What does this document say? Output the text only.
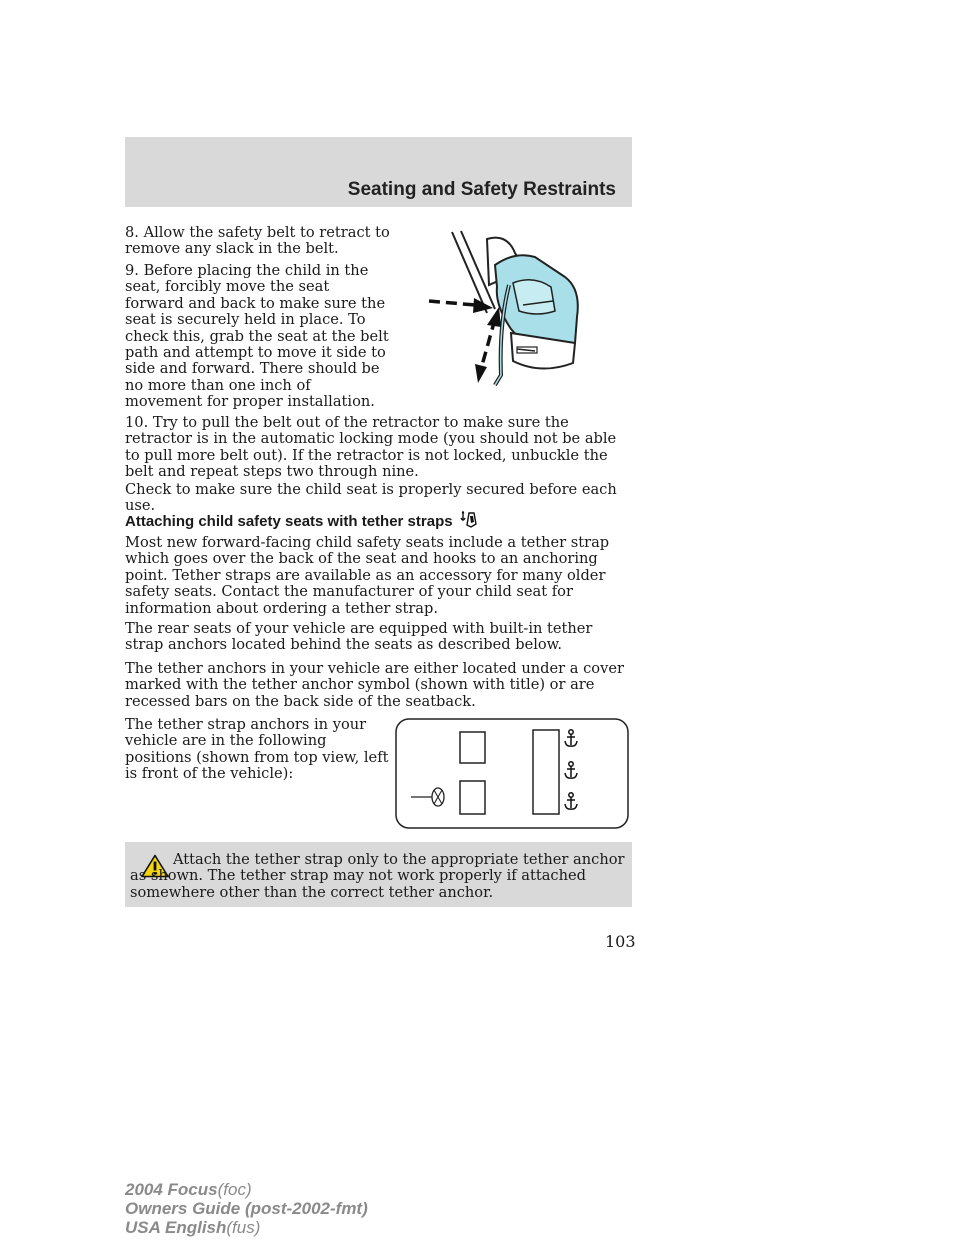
Seating and Safety Restraints

8. Allow the safety belt to retract to remove any slack in the belt.

9. Before placing the child in the seat, forcibly move the seat forward and back to make sure the seat is securely held in place. To check this, grab the seat at the belt path and attempt to move it side to side and forward. There should be no more than one inch of movement for proper installation.

10. Try to pull the belt out of the retractor to make sure the retractor is in the automatic locking mode (you should not be able to pull more belt out). If the retractor is not locked, unbuckle the belt and repeat steps two through nine.

Check to make sure the child seat is properly secured before each use.

Attaching child safety seats with tether straps

Most new forward-facing child safety seats include a tether strap which goes over the back of the seat and hooks to an anchoring point. Tether straps are available as an accessory for many older safety seats. Contact the manufacturer of your child seat for information about ordering a tether strap.

The rear seats of your vehicle are equipped with built-in tether strap anchors located behind the seats as described below.

The tether anchors in your vehicle are either located under a cover marked with the tether anchor symbol (shown with title) or are recessed bars on the back side of the seatback.

The tether strap anchors in your vehicle are in the following positions (shown from top view, left is front of the vehicle):

Attach the tether strap only to the appropriate tether anchor as shown. The tether strap may not work properly if attached somewhere other than the correct tether anchor.

103

2004 Focus(foc)
Owners Guide (post-2002-fmt)
USA English(fus)
